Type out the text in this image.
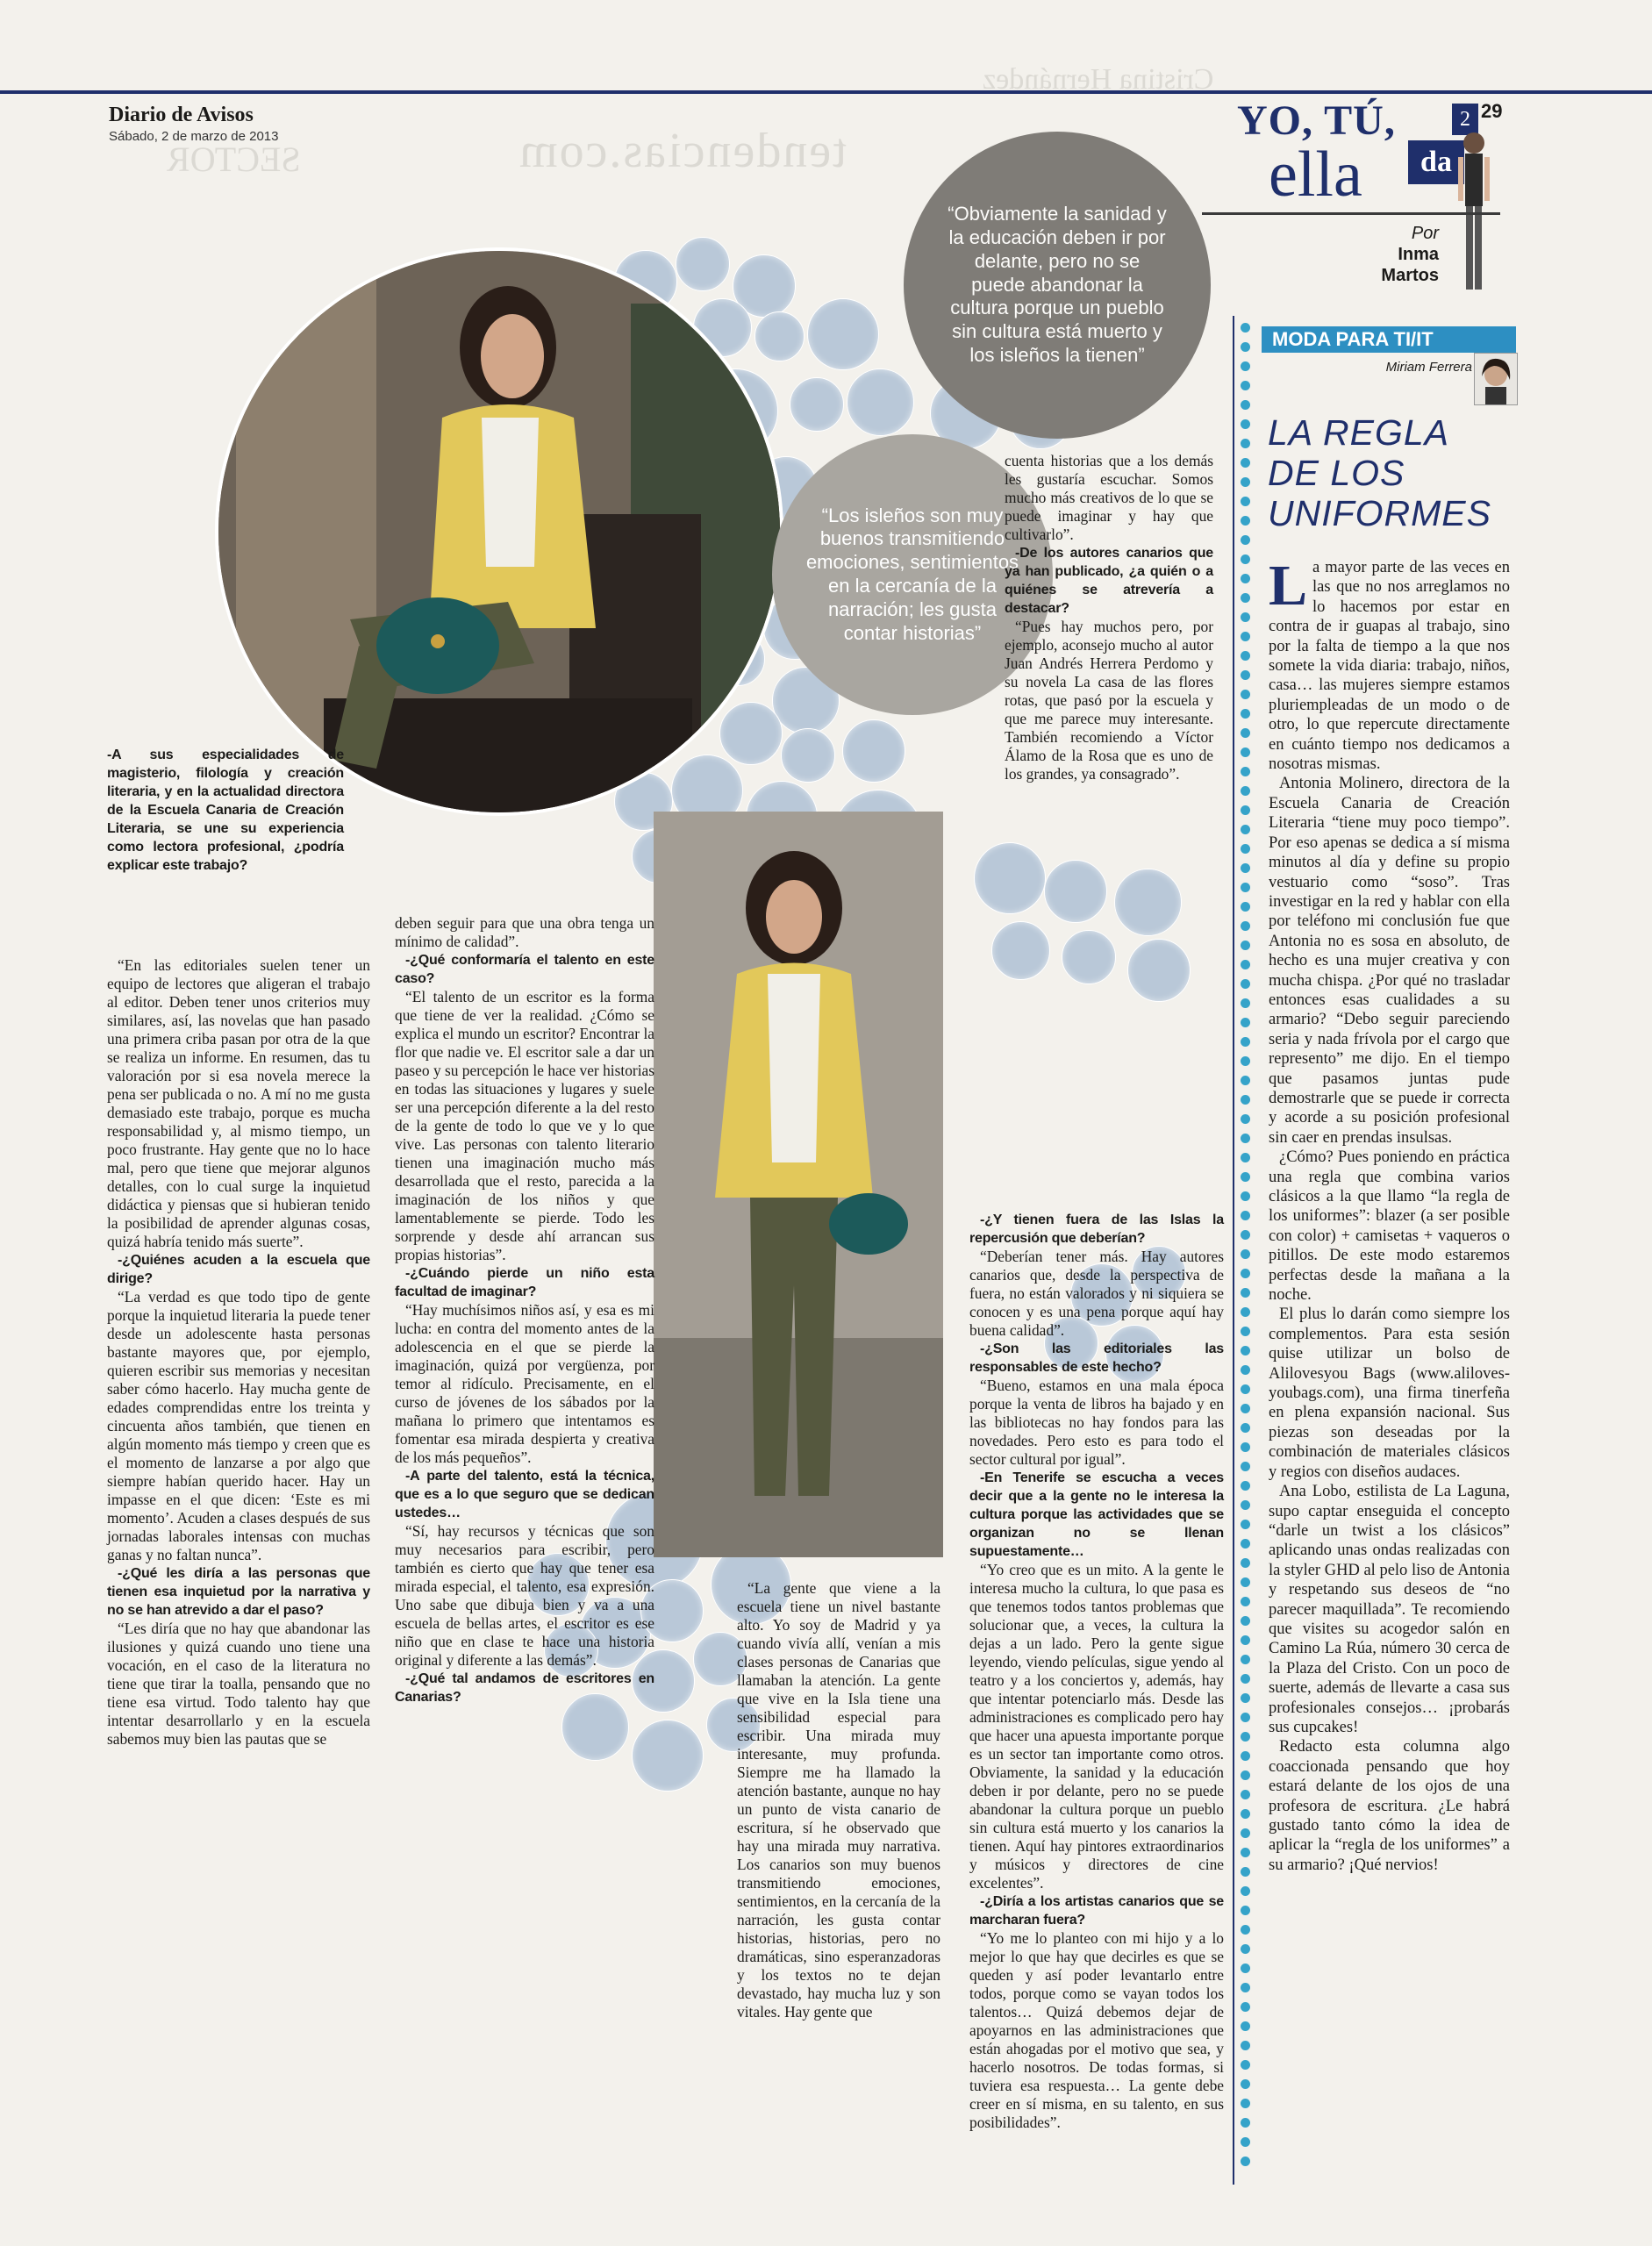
Diario de Avisos
Sábado, 2 de marzo de 2013
Cristina Hernández
tendencias.com
SECTOR
YO, TÚ,
ella	da
2 29
Por
Inma Martos
“Obviamente la sanidad y la educación deben ir por delante, pero no se puede abandonar la cultura porque un pueblo sin cultura está muerto y los isleños la tienen”
“Los isleños son muy buenos transmitiendo emociones, sentimientos en la cercanía de la narración; les gusta contar historias”

-A sus especialidades de magisterio, filología y creación literaria, y en la actualidad directora de la Escuela Canaria de Creación Literaria, se une su experiencia como lectora profesional, ¿podría explicar este trabajo?

“En las editoriales suelen tener un equipo de lectores que aligeran el trabajo al editor. Deben tener unos criterios muy similares, así, las novelas que han pasado una primera criba pasan por otra de la que se realiza un informe. En resumen, das tu valoración por si esa novela merece la pena ser publicada o no. A mí no me gusta demasiado este trabajo, porque es mucha responsabilidad y, al mismo tiempo, un poco frustrante. Hay gente que no lo hace mal, pero que tiene que mejorar algunos detalles, con lo cual surge la inquietud didáctica y piensas que si hubieran tenido la posibilidad de aprender algunas cosas, quizá habría tenido más suerte”.

-¿Quiénes acuden a la escuela que dirige?

“La verdad es que todo tipo de gente porque la inquietud literaria la puede tener desde un adolescente hasta personas bastante mayores que, por ejemplo, quieren escribir sus memorias y necesitan saber cómo hacerlo. Hay mucha gente de edades comprendidas entre los treinta y cincuenta años también, que tienen en algún momento más tiempo y creen que es el momento de lanzarse a por algo que siempre habían querido hacer. Hay un impasse en el que dicen: ‘Este es mi momento’. Acuden a clases después de sus jornadas laborales intensas con muchas ganas y no faltan nunca”.

-¿Qué les diría a las personas que tienen esa inquietud por la narrativa y no se han atrevido a dar el paso?

“Les diría que no hay que abandonar las ilusiones y quizá cuando uno tiene una vocación, en el caso de la literatura no tiene que tirar la toalla, pensando que no tiene esa virtud. Todo talento hay que intentar desarrollarlo y en la escuela sabemos muy bien las pautas que se

deben seguir para que una obra tenga un mínimo de calidad”.

-¿Qué conformaría el talento en este caso?

“El talento de un escritor es la forma que tiene de ver la realidad. ¿Cómo se explica el mundo un escritor? Encontrar la flor que nadie ve. El escritor sale a dar un paseo y su percepción le hace ver historias en todas las situaciones y lugares y suele ser una percepción diferente a la del resto de la gente de todo lo que ve y lo que vive. Las personas con talento literario tienen una imaginación mucho más desarrollada que el resto, parecida a la imaginación de los niños y que lamentablemente se pierde. Todo les sorprende y desde ahí arrancan sus propias historias”.

-¿Cuándo pierde un niño esta facultad de imaginar?

“Hay muchísimos niños así, y esa es mi lucha: en contra del momento antes de la adolescencia en el que se pierde la imaginación, quizá por vergüenza, por temor al ridículo. Precisamente, en el curso de jóvenes de los sábados por la mañana lo primero que intentamos es fomentar esa mirada despierta y creativa de los más pequeños”.

-A parte del talento, está la técnica, que es a lo que seguro que se dedican ustedes…

“Sí, hay recursos y técnicas que son muy necesarios para escribir, pero también es cierto que hay que tener esa mirada especial, el talento, esa expresión. Uno sabe que dibuja bien y va a una escuela de bellas artes, el escritor es ese niño que en clase te hace una historia original y diferente a las demás”.

-¿Qué tal andamos de escritores en Canarias?

“La gente que viene a la escuela tiene un nivel bastante alto. Yo soy de Madrid y ya cuando vivía allí, venían a mis clases personas de Canarias que llamaban la atención. La gente que vive en la Isla tiene una sensibilidad especial para escribir. Una mirada muy interesante, muy profunda. Siempre me ha llamado la atención bastante, aunque no hay un punto de vista canario de escritura, sí he observado que hay una mirada muy narrativa. Los canarios son muy buenos transmitiendo emociones, sentimientos, en la cercanía de la narración, les gusta contar historias, historias, pero no dramáticas, sino esperanzadoras y los textos no te dejan devastado, hay mucha luz y son vitales. Hay gente que

cuenta historias que a los demás les gustaría escuchar. Somos mucho más creativos de lo que se puede imaginar y hay que cultivarlo”.

-De los autores canarios que ya han publicado, ¿a quién o a quiénes se atrevería a destacar?

“Pues hay muchos pero, por ejemplo, aconsejo mucho al autor Juan Andrés Herrera Perdomo y su novela La casa de las flores rotas, que pasó por la escuela y que me parece muy interesante. También recomiendo a Víctor Álamo de la Rosa que es uno de los grandes, ya consagrado”.

-¿Y tienen fuera de las Islas la repercusión que deberían?

“Deberían tener más. Hay autores canarios que, desde la perspectiva de fuera, no están valorados y ni siquiera se conocen y es una pena porque aquí hay buena calidad”.

-¿Son las editoriales las responsables de este hecho?

“Bueno, estamos en una mala época porque la venta de libros ha bajado y en las bibliotecas no hay fondos para las novedades. Pero esto es para todo el sector cultural por igual”.

-En Tenerife se escucha a veces decir que a la gente no le interesa la cultura porque las actividades que se organizan no se llenan supuestamente…

“Yo creo que es un mito. A la gente le interesa mucho la cultura, lo que pasa es que tenemos todos tantos problemas que solucionar que, a veces, la cultura la dejas a un lado. Pero la gente sigue leyendo, viendo películas, sigue yendo al teatro y a los conciertos y, además, hay que intentar potenciarlo más. Desde las administraciones es complicado pero hay que hacer una apuesta importante porque es un sector tan importante como otros. Obviamente, la sanidad y la educación deben ir por delante, pero no se puede abandonar la cultura porque un pueblo sin cultura está muerto y los canarios la tienen. Aquí hay pintores extraordinarios y músicos y directores de cine excelentes”.

-¿Diría a los artistas canarios que se marcharan fuera?

“Yo me lo planteo con mi hijo y a lo mejor lo que hay que decirles es que se queden y así poder levantarlo entre todos, porque como se vayan todos los talentos… Quizá debemos dejar de apoyarnos en las administraciones que están ahogadas por el motivo que sea, y hacerlo nosotros. De todas formas, si tuviera esa respuesta… La gente debe creer en sí misma, en su talento, en sus posibilidades”.

MODA PARA TI/IT
Miriam Ferrera
LA REGLA
DE LOS
UNIFORMES

La mayor parte de las veces en las que no nos arreglamos no lo hacemos por estar en contra de ir guapas al trabajo, sino por la falta de tiempo a la que nos somete la vida diaria: trabajo, niños, casa… las mujeres siempre estamos pluriempleadas de un modo o de otro, lo que repercute directamente en cuánto tiempo nos dedicamos a nosotras mismas.

Antonia Molinero, directora de la Escuela Canaria de Creación Literaria “tiene muy poco tiempo”. Por eso apenas se dedica a sí misma minutos al día y define su propio vestuario como “soso”. Tras investigar en la red y hablar con ella por teléfono mi conclusión fue que Antonia no es sosa en absoluto, de hecho es una mujer creativa y con mucha chispa. ¿Por qué no trasladar entonces esas cualidades a su armario? “Debo seguir pareciendo seria y nada frívola por el cargo que represento” me dijo. En el tiempo que pasamos juntas pude demostrarle que se puede ir correcta y acorde a su posición profesional sin caer en prendas insulsas.

¿Cómo? Pues poniendo en práctica una regla que combina varios clásicos a la que llamo “la regla de los uniformes”: blazer (a ser posible con color) + camisetas + vaqueros o pitillos. De este modo estaremos perfectas desde la mañana a la noche.

El plus lo darán como siempre los complementos. Para esta sesión quise utilizar un bolso de Alilovesyou Bags (www.aliloves-youbags.com), una firma tinerfeña en plena expansión nacional. Sus piezas son deseadas por la combinación de materiales clásicos y regios con diseños audaces.

Ana Lobo, estilista de La Laguna, supo captar enseguida el concepto “darle un twist a los clásicos” aplicando unas ondas realizadas con la styler GHD al pelo liso de Antonia y respetando sus deseos de “no parecer maquillada”. Te recomiendo que visites su acogedor salón en Camino La Rúa, número 30 cerca de la Plaza del Cristo. Con un poco de suerte, además de llevarte a casa sus profesionales consejos… ¡probarás sus cupcakes!

Redacto esta columna algo coaccionada pensando que hoy estará delante de los ojos de una profesora de escritura. ¿Le habrá gustado tanto cómo la idea de aplicar la “regla de los uniformes” a su armario? ¡Qué nervios!
